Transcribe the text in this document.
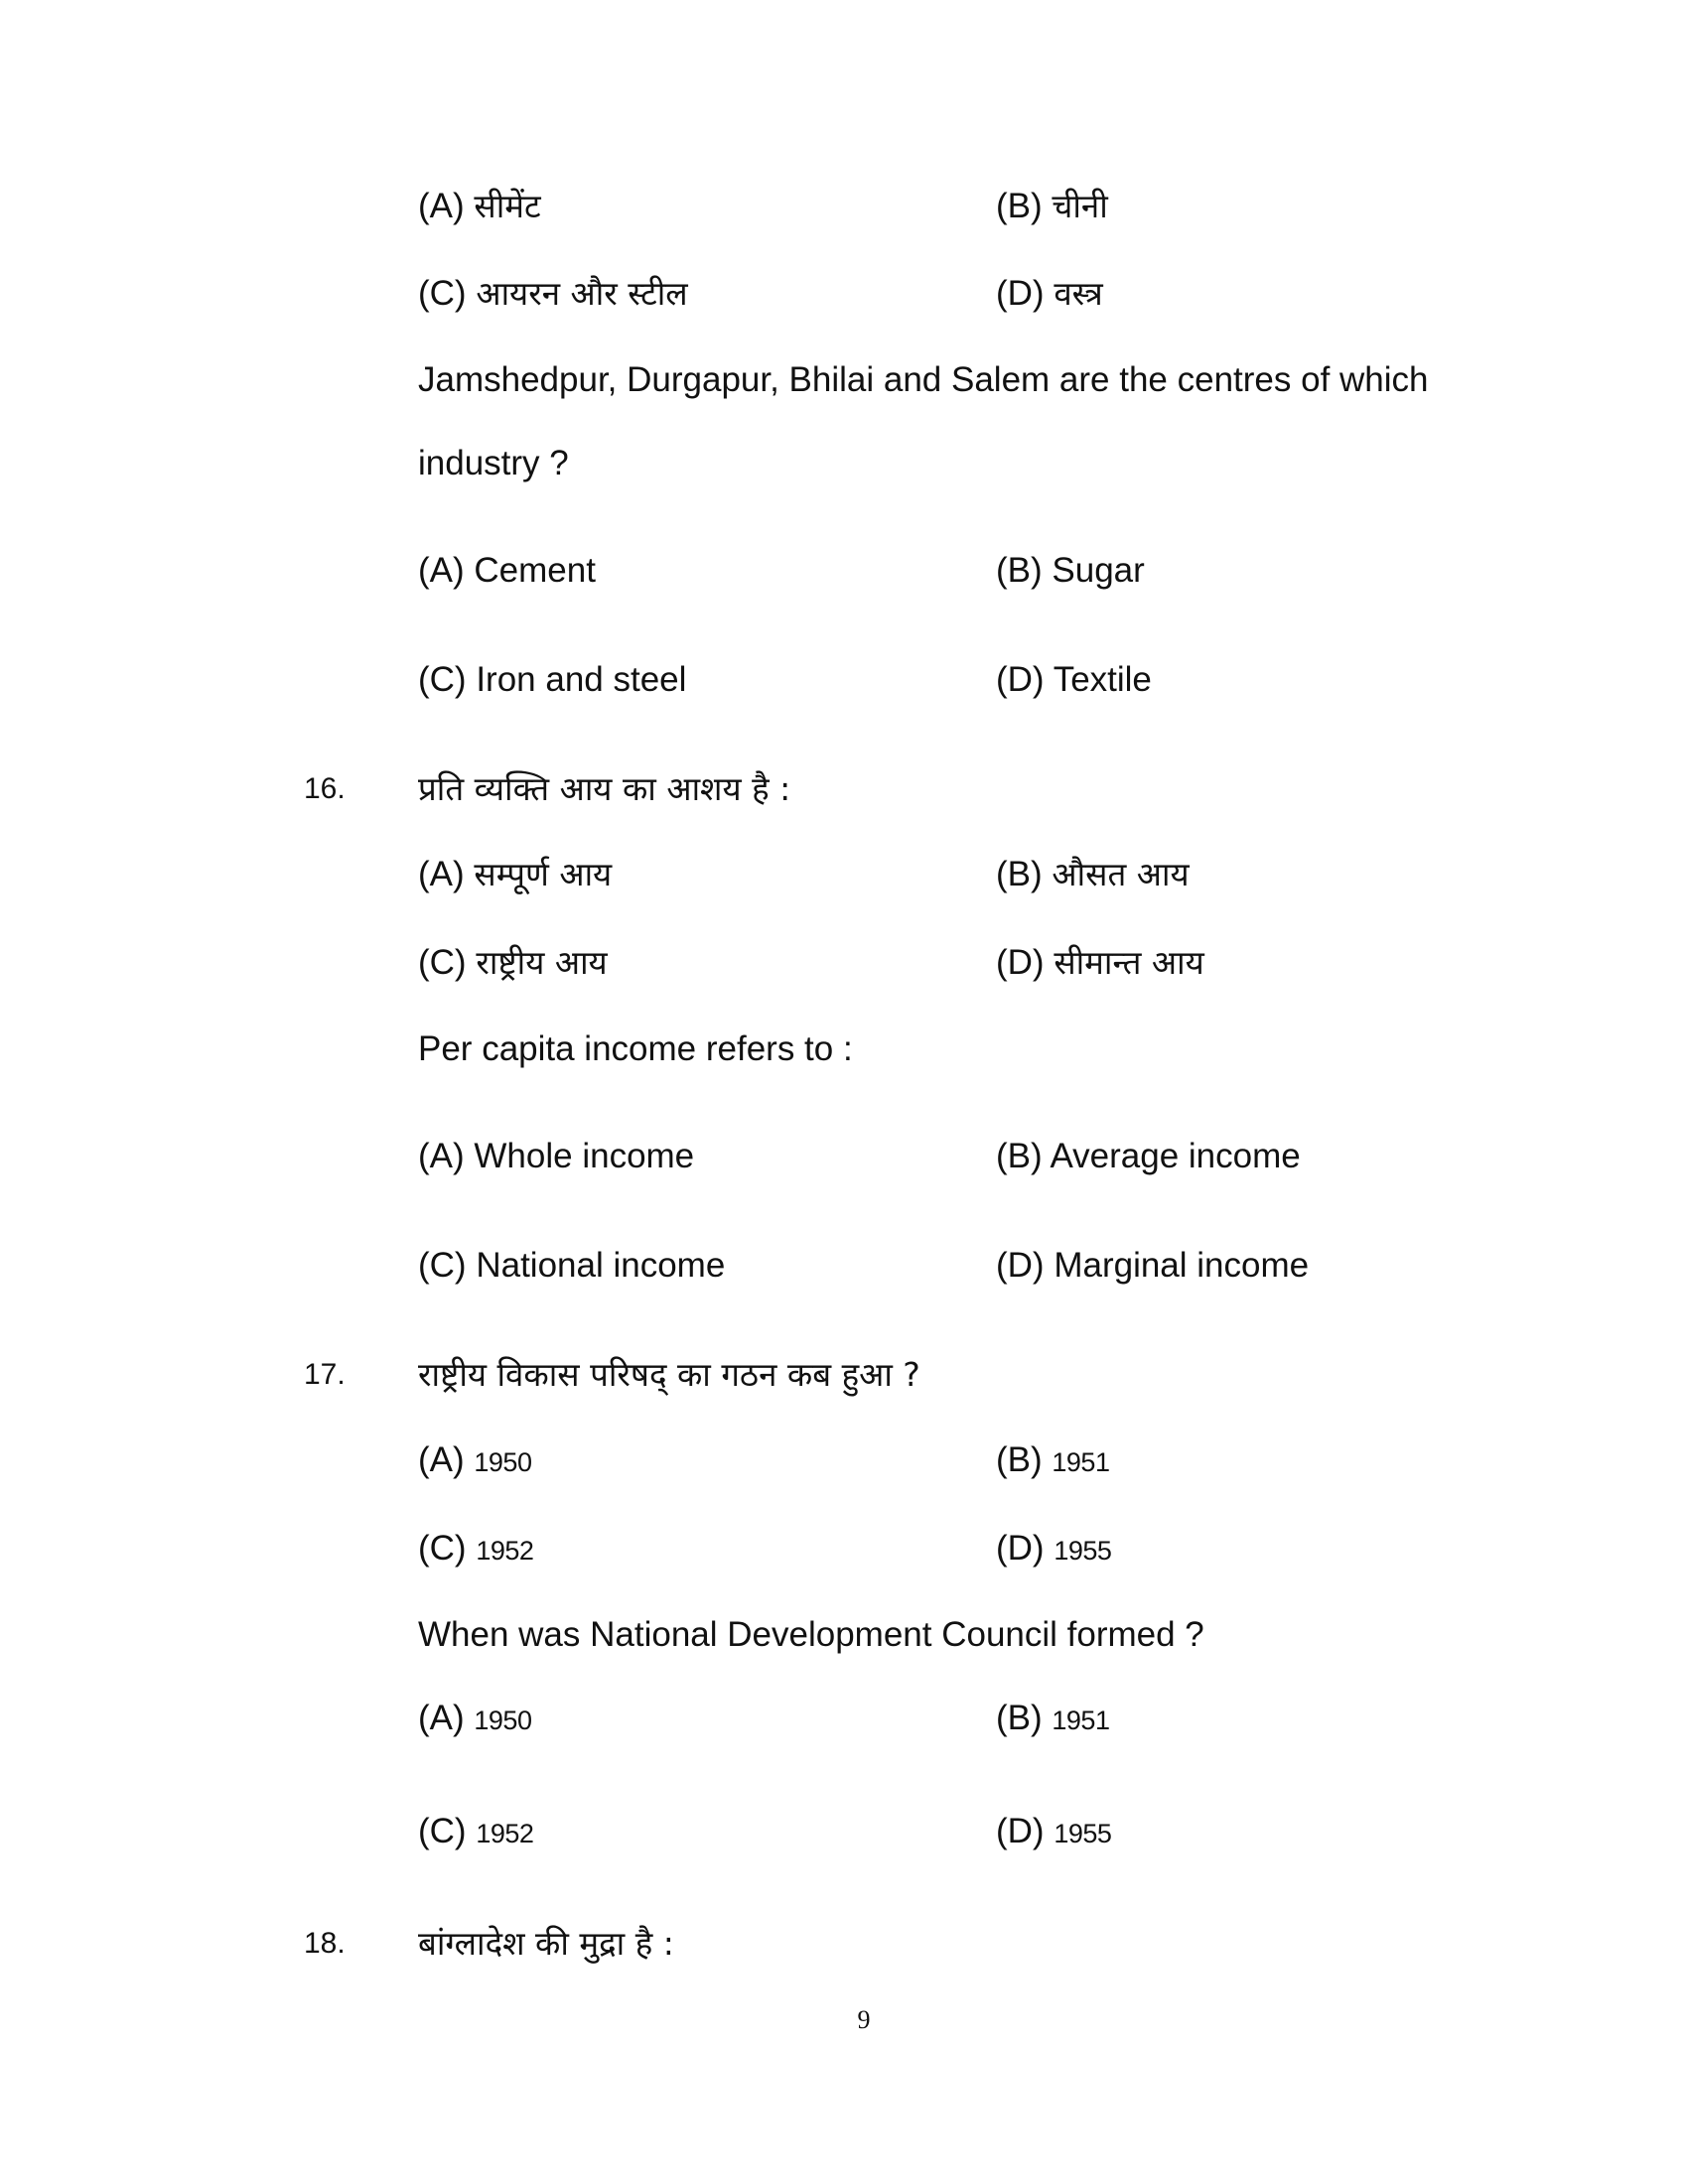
(A) सीमेंट	(B) चीनी
(C) आयरन और स्टील	(D) वस्त्र
Jamshedpur, Durgapur, Bhilai and Salem are the centres of which
industry ?
(A) Cement	(B) Sugar
(C) Iron and steel	(D) Textile
16. प्रति व्यक्ति आय का आशय है :
(A) सम्पूर्ण आय	(B) औसत आय
(C) राष्ट्रीय आय	(D) सीमान्त आय
Per capita income refers to :
(A) Whole income	(B) Average income
(C) National income	(D) Marginal income
17. राष्ट्रीय विकास परिषद् का गठन कब हुआ ?
(A) 1950	(B) 1951
(C) 1952	(D) 1955
When was National Development Council formed ?
(A) 1950	(B) 1951
(C) 1952	(D) 1955
18. बांग्लादेश की मुद्रा है :
9
